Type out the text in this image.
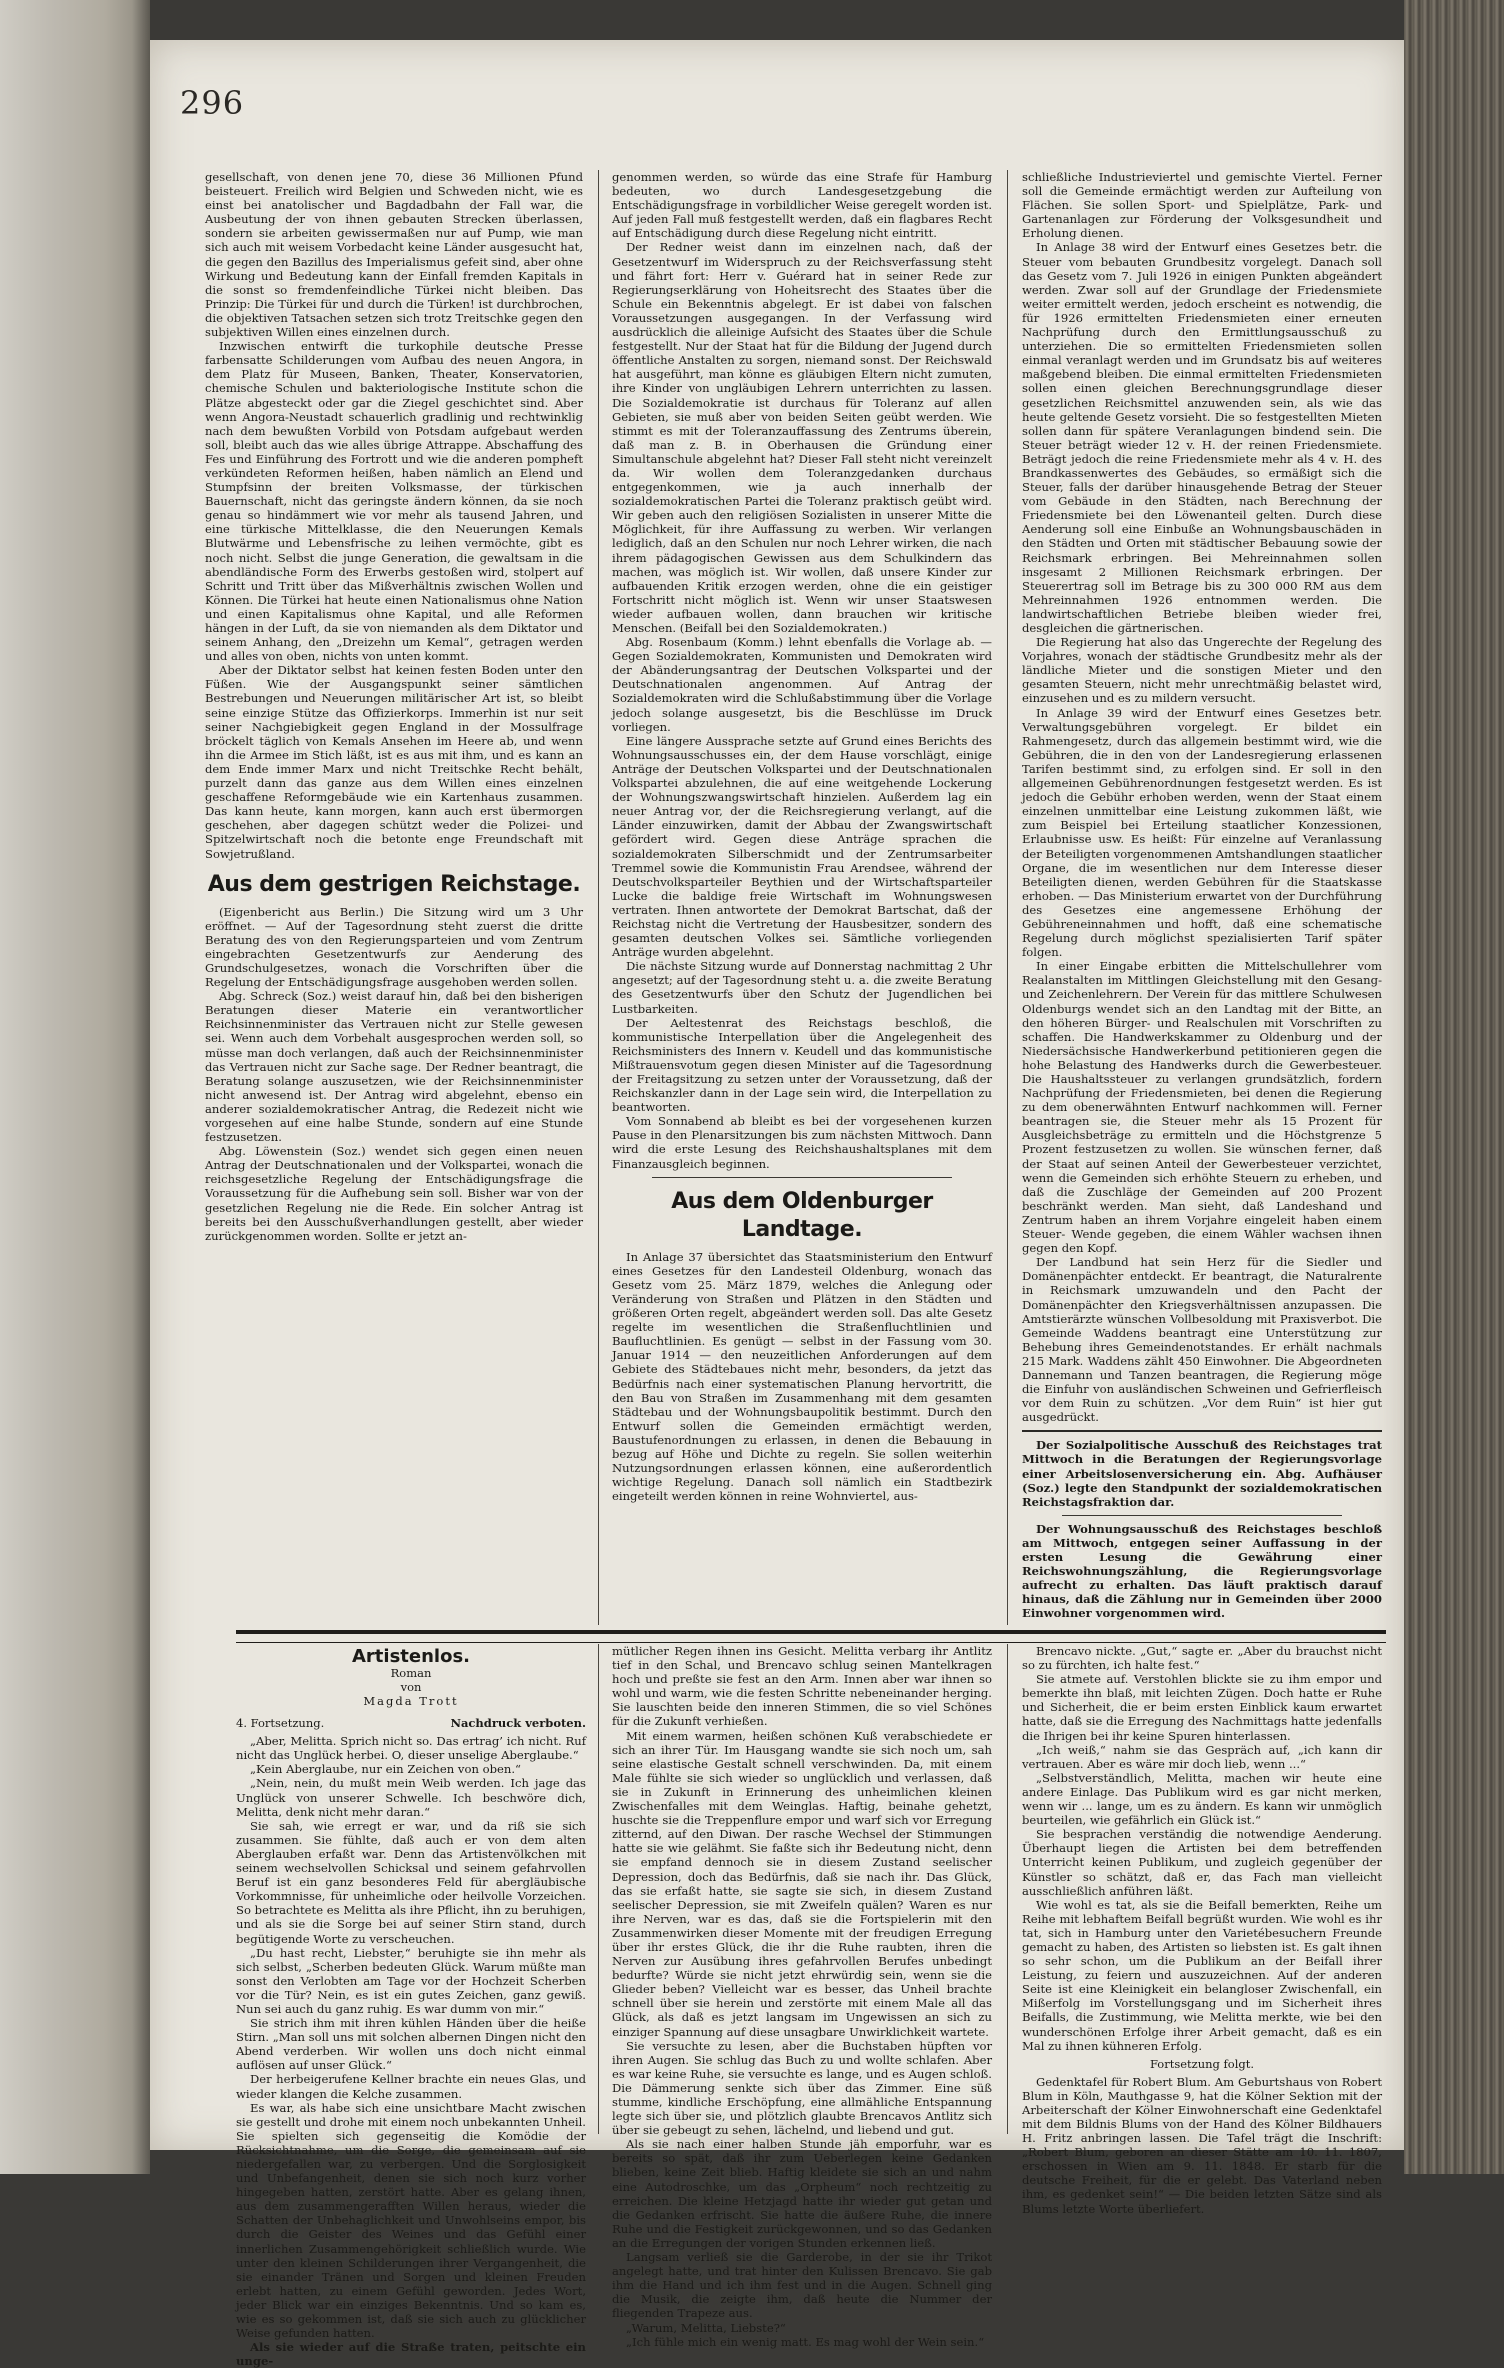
296

gesellschaft, von denen jene 70, diese 36 Millionen Pfund beisteuert. Freilich wird Belgien und Schweden nicht, wie es einst bei anatolischer und Bagdadbahn der Fall war, die Ausbeutung der von ihnen gebauten Strecken überlassen, sondern sie arbeiten gewissermaßen nur auf Pump, wie man sich auch mit weisem Vorbedacht keine Länder ausgesucht hat, die gegen den Bazillus des Imperialismus gefeit sind, aber ohne Wirkung und Bedeutung kann der Einfall fremden Kapitals in die sonst so fremdenfeindliche Türkei nicht bleiben. Das Prinzip: Die Türkei für und durch die Türken! ist durchbrochen, die objektiven Tatsachen setzen sich trotz Treitschke gegen den subjektiven Willen eines einzelnen durch.

Inzwischen entwirft die turkophile deutsche Presse farbensatte Schilderungen vom Aufbau des neuen Angora, in dem Platz für Museen, Banken, Theater, Konservatorien, chemische Schulen und bakteriologische Institute schon die Plätze abgesteckt oder gar die Ziegel geschichtet sind. Aber wenn Angora-Neustadt schauerlich gradlinig und rechtwinklig nach dem bewußten Vorbild von Potsdam aufgebaut werden soll, bleibt auch das wie alles übrige Attrappe. Abschaffung des Fes und Einführung des Fortrott und wie die anderen pompheft verkündeten Reformen heißen, haben nämlich an Elend und Stumpfsinn der breiten Volksmasse, der türkischen Bauernschaft, nicht das geringste ändern können, da sie noch genau so hindämmert wie vor mehr als tausend Jahren, und eine türkische Mittelklasse, die den Neuerungen Kemals Blutwärme und Lebensfrische zu leihen vermöchte, gibt es noch nicht. Selbst die junge Generation, die gewaltsam in die abendländische Form des Erwerbs gestoßen wird, stolpert auf Schritt und Tritt über das Mißverhältnis zwischen Wollen und Können. Die Türkei hat heute einen Nationalismus ohne Nation und einen Kapitalismus ohne Kapital, und alle Reformen hängen in der Luft, da sie von niemanden als dem Diktator und seinem Anhang, den „Dreizehn um Kemal“, getragen werden und alles von oben, nichts von unten kommt.

Aber der Diktator selbst hat keinen festen Boden unter den Füßen. Wie der Ausgangspunkt seiner sämtlichen Bestrebungen und Neuerungen militärischer Art ist, so bleibt seine einzige Stütze das Offizierkorps. Immerhin ist nur seit seiner Nachgiebigkeit gegen England in der Mossulfrage bröckelt täglich von Kemals Ansehen im Heere ab, und wenn ihn die Armee im Stich läßt, ist es aus mit ihm, und es kann an dem Ende immer Marx und nicht Treitschke Recht behält, purzelt dann das ganze aus dem Willen eines einzelnen geschaffene Reformgebäude wie ein Kartenhaus zusammen. Das kann heute, kann morgen, kann auch erst übermorgen geschehen, aber dagegen schützt weder die Polizei- und Spitzelwirtschaft noch die betonte enge Freundschaft mit Sowjetrußland.

Aus dem gestrigen Reichstage.

(Eigenbericht aus Berlin.) Die Sitzung wird um 3 Uhr eröffnet. — Auf der Tagesordnung steht zuerst die dritte Beratung des von den Regierungsparteien und vom Zentrum eingebrachten Gesetzentwurfs zur Aenderung des Grundschulgesetzes, wonach die Vorschriften über die Regelung der Entschädigungsfrage ausgehoben werden sollen.

Abg. Schreck (Soz.) weist darauf hin, daß bei den bisherigen Beratungen dieser Materie ein verantwortlicher Reichsinnenminister das Vertrauen nicht zur Stelle gewesen sei. Wenn auch dem Vorbehalt ausgesprochen werden soll, so müsse man doch verlangen, daß auch der Reichsinnenminister das Vertrauen nicht zur Sache sage. Der Redner beantragt, die Beratung solange auszusetzen, wie der Reichsinnenminister nicht anwesend ist. Der Antrag wird abgelehnt, ebenso ein anderer sozialdemokratischer Antrag, die Redezeit nicht wie vorgesehen auf eine halbe Stunde, sondern auf eine Stunde festzusetzen.

Abg. Löwenstein (Soz.) wendet sich gegen einen neuen Antrag der Deutschnationalen und der Volkspartei, wonach die reichsgesetzliche Regelung der Entschädigungsfrage die Voraussetzung für die Aufhebung sein soll. Bisher war von der gesetzlichen Regelung nie die Rede. Ein solcher Antrag ist bereits bei den Ausschußverhandlungen gestellt, aber wieder zurückgenommen worden. Sollte er jetzt an-

genommen werden, so würde das eine Strafe für Hamburg bedeuten, wo durch Landesgesetzgebung die Entschädigungsfrage in vorbildlicher Weise geregelt worden ist. Auf jeden Fall muß festgestellt werden, daß ein flagbares Recht auf Entschädigung durch diese Regelung nicht eintritt.

Der Redner weist dann im einzelnen nach, daß der Gesetzentwurf im Widerspruch zu der Reichsverfassung steht und fährt fort: Herr v. Guérard hat in seiner Rede zur Regierungserklärung von Hoheitsrecht des Staates über die Schule ein Bekenntnis abgelegt. Er ist dabei von falschen Voraussetzungen ausgegangen. In der Verfassung wird ausdrücklich die alleinige Aufsicht des Staates über die Schule festgestellt. Nur der Staat hat für die Bildung der Jugend durch öffentliche Anstalten zu sorgen, niemand sonst. Der Reichswald hat ausgeführt, man könne es gläubigen Eltern nicht zumuten, ihre Kinder von ungläubigen Lehrern unterrichten zu lassen. Die Sozialdemokratie ist durchaus für Toleranz auf allen Gebieten, sie muß aber von beiden Seiten geübt werden. Wie stimmt es mit der Toleranzauffassung des Zentrums überein, daß man z. B. in Oberhausen die Gründung einer Simultanschule abgelehnt hat? Dieser Fall steht nicht vereinzelt da. Wir wollen dem Toleranzgedanken durchaus entgegenkommen, wie ja auch innerhalb der sozialdemokratischen Partei die Toleranz praktisch geübt wird. Wir geben auch den religiösen Sozialisten in unserer Mitte die Möglichkeit, für ihre Auffassung zu werben. Wir verlangen lediglich, daß an den Schulen nur noch Lehrer wirken, die nach ihrem pädagogischen Gewissen aus dem Schulkindern das machen, was möglich ist. Wir wollen, daß unsere Kinder zur aufbauenden Kritik erzogen werden, ohne die ein geistiger Fortschritt nicht möglich ist. Wenn wir unser Staatswesen wieder aufbauen wollen, dann brauchen wir kritische Menschen. (Beifall bei den Sozialdemokraten.)

Abg. Rosenbaum (Komm.) lehnt ebenfalls die Vorlage ab. — Gegen Sozialdemokraten, Kommunisten und Demokraten wird der Abänderungsantrag der Deutschen Volkspartei und der Deutschnationalen angenommen. Auf Antrag der Sozialdemokraten wird die Schlußabstimmung über die Vorlage jedoch solange ausgesetzt, bis die Beschlüsse im Druck vorliegen.

Eine längere Aussprache setzte auf Grund eines Berichts des Wohnungsausschusses ein, der dem Hause vorschlägt, einige Anträge der Deutschen Volkspartei und der Deutschnationalen Volkspartei abzulehnen, die auf eine weitgehende Lockerung der Wohnungszwangswirtschaft hinzielen. Außerdem lag ein neuer Antrag vor, der die Reichsregierung verlangt, auf die Länder einzuwirken, damit der Abbau der Zwangswirtschaft gefördert wird. Gegen diese Anträge sprachen die sozialdemokraten Silberschmidt und der Zentrumsarbeiter Tremmel sowie die Kommunistin Frau Arendsee, während der Deutschvolksparteiler Beythien und der Wirtschaftsparteiler Lucke die baldige freie Wirtschaft im Wohnungswesen vertraten. Ihnen antwortete der Demokrat Bartschat, daß der Reichstag nicht die Vertretung der Hausbesitzer, sondern des gesamten deutschen Volkes sei. Sämtliche vorliegenden Anträge wurden abgelehnt.

Die nächste Sitzung wurde auf Donnerstag nachmittag 2 Uhr angesetzt; auf der Tagesordnung steht u. a. die zweite Beratung des Gesetzentwurfs über den Schutz der Jugendlichen bei Lustbarkeiten.

Der Aeltestenrat des Reichstags beschloß, die kommunistische Interpellation über die Angelegenheit des Reichsministers des Innern v. Keudell und das kommunistische Mißtrauensvotum gegen diesen Minister auf die Tagesordnung der Freitagsitzung zu setzen unter der Voraussetzung, daß der Reichskanzler dann in der Lage sein wird, die Interpellation zu beantworten.

Vom Sonnabend ab bleibt es bei der vorgesehenen kurzen Pause in den Plenarsitzungen bis zum nächsten Mittwoch. Dann wird die erste Lesung des Reichshaushaltsplanes mit dem Finanzausgleich beginnen.

Aus dem Oldenburger Landtage.

In Anlage 37 übersichtet das Staatsministerium den Entwurf eines Gesetzes für den Landesteil Oldenburg, wonach das Gesetz vom 25. März 1879, welches die Anlegung oder Veränderung von Straßen und Plätzen in den Städten und größeren Orten regelt, abgeändert werden soll. Das alte Gesetz regelte im wesentlichen die Straßenfluchtlinien und Baufluchtlinien. Es genügt — selbst in der Fassung vom 30. Januar 1914 — den neuzeitlichen Anforderungen auf dem Gebiete des Städtebaues nicht mehr, besonders, da jetzt das Bedürfnis nach einer systematischen Planung hervortritt, die den Bau von Straßen im Zusammenhang mit dem gesamten Städtebau und der Wohnungsbaupolitik bestimmt. Durch den Entwurf sollen die Gemeinden ermächtigt werden, Baustufenordnungen zu erlassen, in denen die Bebauung in bezug auf Höhe und Dichte zu regeln. Sie sollen weiterhin Nutzungsordnungen erlassen können, eine außerordentlich wichtige Regelung. Danach soll nämlich ein Stadtbezirk eingeteilt werden können in reine Wohnviertel, aus-

schließliche Industrieviertel und gemischte Viertel. Ferner soll die Gemeinde ermächtigt werden zur Aufteilung von Flächen. Sie sollen Sport- und Spielplätze, Park- und Gartenanlagen zur Förderung der Volksgesundheit und Erholung dienen.

In Anlage 38 wird der Entwurf eines Gesetzes betr. die Steuer vom bebauten Grundbesitz vorgelegt. Danach soll das Gesetz vom 7. Juli 1926 in einigen Punkten abgeändert werden. Zwar soll auf der Grundlage der Friedensmiete weiter ermittelt werden, jedoch erscheint es notwendig, die für 1926 ermittelten Friedensmieten einer erneuten Nachprüfung durch den Ermittlungsausschuß zu unterziehen. Die so ermittelten Friedensmieten sollen einmal veranlagt werden und im Grundsatz bis auf weiteres maßgebend bleiben. Die einmal ermittelten Friedensmieten sollen einen gleichen Berechnungsgrundlage dieser gesetzlichen Reichsmittel anzuwenden sein, als wie das heute geltende Gesetz vorsieht. Die so festgestellten Mieten sollen dann für spätere Veranlagungen bindend sein. Die Steuer beträgt wieder 12 v. H. der reinen Friedensmiete. Beträgt jedoch die reine Friedensmiete mehr als 4 v. H. des Brandkassenwertes des Gebäudes, so ermäßigt sich die Steuer, falls der darüber hinausgehende Betrag der Steuer vom Gebäude in den Städten, nach Berechnung der Friedensmiete bei den Löwenanteil gelten. Durch diese Aenderung soll eine Einbuße an Wohnungsbauschäden in den Städten und Orten mit städtischer Bebauung sowie der Reichsmark erbringen. Bei Mehreinnahmen sollen insgesamt 2 Millionen Reichsmark erbringen. Der Steuerertrag soll im Betrage bis zu 300 000 RM aus dem Mehreinnahmen 1926 entnommen werden. Die landwirtschaftlichen Betriebe bleiben wieder frei, desgleichen die gärtnerischen.

Die Regierung hat also das Ungerechte der Regelung des Vorjahres, wonach der städtische Grundbesitz mehr als der ländliche Mieter und die sonstigen Mieter und den gesamten Steuern, nicht mehr unrechtmäßig belastet wird, einzusehen und es zu mildern versucht.

In Anlage 39 wird der Entwurf eines Gesetzes betr. Verwaltungsgebühren vorgelegt. Er bildet ein Rahmengesetz, durch das allgemein bestimmt wird, wie die Gebühren, die in den von der Landesregierung erlassenen Tarifen bestimmt sind, zu erfolgen sind. Er soll in den allgemeinen Gebührenordnungen festgesetzt werden. Es ist jedoch die Gebühr erhoben werden, wenn der Staat einem einzelnen unmittelbar eine Leistung zukommen läßt, wie zum Beispiel bei Erteilung staatlicher Konzessionen, Erlaubnisse usw. Es heißt: Für einzelne auf Veranlassung der Beteiligten vorgenommenen Amtshandlungen staatlicher Organe, die im wesentlichen nur dem Interesse dieser Beteiligten dienen, werden Gebühren für die Staatskasse erhoben. — Das Ministerium erwartet von der Durchführung des Gesetzes eine angemessene Erhöhung der Gebühreneinnahmen und hofft, daß eine schematische Regelung durch möglichst spezialisierten Tarif später folgen.

In einer Eingabe erbitten die Mittelschullehrer vom Realanstalten im Mittlingen Gleichstellung mit den Gesang- und Zeichenlehrern. Der Verein für das mittlere Schulwesen Oldenburgs wendet sich an den Landtag mit der Bitte, an den höheren Bürger- und Realschulen mit Vorschriften zu schaffen. Die Handwerkskammer zu Oldenburg und der Niedersächsische Handwerkerbund petitionieren gegen die hohe Belastung des Handwerks durch die Gewerbesteuer. Die Haushaltssteuer zu verlangen grundsätzlich, fordern Nachprüfung der Friedensmieten, bei denen die Regierung zu dem obenerwähnten Entwurf nachkommen will. Ferner beantragen sie, die Steuer mehr als 15 Prozent für Ausgleichsbeträge zu ermitteln und die Höchstgrenze 5 Prozent festzusetzen zu wollen. Sie wünschen ferner, daß der Staat auf seinen Anteil der Gewerbesteuer verzichtet, wenn die Gemeinden sich erhöhte Steuern zu erheben, und daß die Zuschläge der Gemeinden auf 200 Prozent beschränkt werden. Man sieht, daß Landeshand und Zentrum haben an ihrem Vorjahre eingeleit haben einem Steuer- Wende gegeben, die einem Wähler wachsen ihnen gegen den Kopf.

Der Landbund hat sein Herz für die Siedler und Domänenpächter entdeckt. Er beantragt, die Naturalrente in Reichsmark umzuwandeln und den Pacht der Domänenpächter den Kriegsverhältnissen anzupassen. Die Amtstierärzte wünschen Vollbesoldung mit Praxisverbot. Die Gemeinde Waddens beantragt eine Unterstützung zur Behebung ihres Gemeindenotstandes. Er erhält nachmals 215 Mark. Waddens zählt 450 Einwohner. Die Abgeordneten Dannemann und Tanzen beantragen, die Regierung möge die Einfuhr von ausländischen Schweinen und Gefrierfleisch vor dem Ruin zu schützen. „Vor dem Ruin“ ist hier gut ausgedrückt.

Der Sozialpolitische Ausschuß des Reichstages trat Mittwoch in die Beratungen der Regierungsvorlage einer Arbeitslosenversicherung ein. Abg. Aufhäuser (Soz.) legte den Standpunkt der sozialdemokratischen Reichstagsfraktion dar.

Der Wohnungsausschuß des Reichstages beschloß am Mittwoch, entgegen seiner Auffassung in der ersten Lesung die Gewährung einer Reichswohnungszählung, die Regierungsvorlage aufrecht zu erhalten. Das läuft praktisch darauf hinaus, daß die Zählung nur in Gemeinden über 2000 Einwohner vorgenommen wird.

Artistenlos.
Roman
von
Magda Trott
4. Fortsetzung.	Nachdruck verboten.

„Aber, Melitta. Sprich nicht so. Das ertrag’ ich nicht. Ruf nicht das Unglück herbei. O, dieser unselige Aberglaube.“

„Kein Aberglaube, nur ein Zeichen von oben.“

„Nein, nein, du mußt mein Weib werden. Ich jage das Unglück von unserer Schwelle. Ich beschwöre dich, Melitta, denk nicht mehr daran.“

Sie sah, wie erregt er war, und da riß sie sich zusammen. Sie fühlte, daß auch er von dem alten Aberglauben erfaßt war. Denn das Artistenvölkchen mit seinem wechselvollen Schicksal und seinem gefahrvollen Beruf ist ein ganz besonderes Feld für abergläubische Vorkommnisse, für unheimliche oder heilvolle Vorzeichen. So betrachtete es Melitta als ihre Pflicht, ihn zu beruhigen, und als sie die Sorge bei auf seiner Stirn stand, durch begütigende Worte zu verscheuchen.

„Du hast recht, Liebster,“ beruhigte sie ihn mehr als sich selbst, „Scherben bedeuten Glück. Warum müßte man sonst den Verlobten am Tage vor der Hochzeit Scherben vor die Tür? Nein, es ist ein gutes Zeichen, ganz gewiß. Nun sei auch du ganz ruhig. Es war dumm von mir.“

Sie strich ihm mit ihren kühlen Händen über die heiße Stirn. „Man soll uns mit solchen albernen Dingen nicht den Abend verderben. Wir wollen uns doch nicht einmal auflösen auf unser Glück.“

Der herbeigerufene Kellner brachte ein neues Glas, und wieder klangen die Kelche zusammen.

Es war, als habe sich eine unsichtbare Macht zwischen sie gestellt und drohe mit einem noch unbekannten Unheil. Sie spielten sich gegenseitig die Komödie der Rücksichtnahme, um die Sorge, die gemeinsam auf sie niedergefallen war, zu verbergen. Und die Sorglosigkeit und Unbefangenheit, denen sie sich noch kurz vorher hingegeben hatten, zerstört hatte. Aber es gelang ihnen, aus dem zusammengerafften Willen heraus, wieder die Schatten der Unbehaglichkeit und Unwohlseins empor, bis durch die Geister des Weines und das Gefühl einer innerlichen Zusammengehörigkeit schließlich wurde. Wie unter den kleinen Schilderungen ihrer Vergangenheit, die sie einander Tränen und Sorgen und kleinen Freuden erlebt hatten, zu einem Gefühl geworden. Jedes Wort, jeder Blick war ein einziges Bekenntnis. Und so kam es, wie es so gekommen ist, daß sie sich auch zu glücklicher Weise gefunden hatten.

Als sie wieder auf die Straße traten, peitschte ein unge-

mütlicher Regen ihnen ins Gesicht. Melitta verbarg ihr Antlitz tief in den Schal, und Brencavo schlug seinen Mantelkragen hoch und preßte sie fest an den Arm. Innen aber war ihnen so wohl und warm, wie die festen Schritte nebeneinander herging. Sie lauschten beide den inneren Stimmen, die so viel Schönes für die Zukunft verhießen.

Mit einem warmen, heißen schönen Kuß verabschiedete er sich an ihrer Tür. Im Hausgang wandte sie sich noch um, sah seine elastische Gestalt schnell verschwinden. Da, mit einem Male fühlte sie sich wieder so unglücklich und verlassen, daß sie in Zukunft in Erinnerung des unheimlichen kleinen Zwischenfalles mit dem Weinglas. Haftig, beinahe gehetzt, huschte sie die Treppenflure empor und warf sich vor Erregung zitternd, auf den Diwan. Der rasche Wechsel der Stimmungen hatte sie wie gelähmt. Sie faßte sich ihr Bedeutung nicht, denn sie empfand dennoch sie in diesem Zustand seelischer Depression, doch das Bedürfnis, daß sie nach ihr. Das Glück, das sie erfaßt hatte, sie sagte sie sich, in diesem Zustand seelischer Depression, sie mit Zweifeln quälen? Waren es nur ihre Nerven, war es das, daß sie die Fortspielerin mit den Zusammenwirken dieser Momente mit der freudigen Erregung über ihr erstes Glück, die ihr die Ruhe raubten, ihren die Nerven zur Ausübung ihres gefahrvollen Berufes unbedingt bedurfte? Würde sie nicht jetzt ehrwürdig sein, wenn sie die Glieder beben? Vielleicht war es besser, das Unheil brachte schnell über sie herein und zerstörte mit einem Male all das Glück, als daß es jetzt langsam im Ungewissen an sich zu einziger Spannung auf diese unsagbare Unwirklichkeit wartete.

Sie versuchte zu lesen, aber die Buchstaben hüpften vor ihren Augen. Sie schlug das Buch zu und wollte schlafen. Aber es war keine Ruhe, sie versuchte es lange, und es Augen schloß. Die Dämmerung senkte sich über das Zimmer. Eine süß stumme, kindliche Erschöpfung, eine allmähliche Entspannung legte sich über sie, und plötzlich glaubte Brencavos Antlitz sich über sie gebeugt zu sehen, lächelnd, und liebend und gut.

Als sie nach einer halben Stunde jäh emporfuhr, war es bereits so spät, daß ihr zum Ueberlegen keine Gedanken blieben, keine Zeit blieb. Haftig kleidete sie sich an und nahm eine Autodroschke, um das „Orpheum“ noch rechtzeitig zu erreichen. Die kleine Hetzjagd hatte ihr wieder gut getan und die Gedanken erfrischt. Sie hatte die äußere Ruhe, die innere Ruhe und die Festigkeit zurückgewonnen, und so das Gedanken an die Erregungen der vorigen Stunden erkennen ließ.

Langsam verließ sie die Garderobe, in der sie ihr Trikot angelegt hatte, und trat hinter den Kulissen Brencavo. Sie gab ihm die Hand und ich ihm fest und in die Augen. Schnell ging die Musik, die zeigte ihm, daß heute die Nummer der fliegenden Trapeze aus.

„Warum, Melitta, Liebste?“

„Ich fühle mich ein wenig matt. Es mag wohl der Wein sein.“

Brencavo nickte. „Gut,“ sagte er. „Aber du brauchst nicht so zu fürchten, ich halte fest.“

Sie atmete auf. Verstohlen blickte sie zu ihm empor und bemerkte ihn blaß, mit leichten Zügen. Doch hatte er Ruhe und Sicherheit, die er beim ersten Einblick kaum erwartet hatte, daß sie die Erregung des Nachmittags hatte jedenfalls die Ihrigen bei ihr keine Spuren hinterlassen.

„Ich weiß,“ nahm sie das Gespräch auf, „ich kann dir vertrauen. Aber es wäre mir doch lieb, wenn ...“

„Selbstverständlich, Melitta, machen wir heute eine andere Einlage. Das Publikum wird es gar nicht merken, wenn wir ... lange, um es zu ändern. Es kann wir unmöglich beurteilen, wie gefährlich ein Glück ist.“

Sie besprachen verständig die notwendige Aenderung. Überhaupt liegen die Artisten bei dem betreffenden Unterricht keinen Publikum, und zugleich gegenüber der Künstler so schätzt, daß er, das Fach man vielleicht ausschließlich anführen läßt.

Wie wohl es tat, als sie die Beifall bemerkten, Reihe um Reihe mit lebhaftem Beifall begrüßt wurden. Wie wohl es ihr tat, sich in Hamburg unter den Varietébesuchern Freunde gemacht zu haben, des Artisten so liebsten ist. Es galt ihnen so sehr schon, um die Publikum an der Beifall ihrer Leistung, zu feiern und auszuzeichnen. Auf der anderen Seite ist eine Kleinigkeit ein belangloser Zwischenfall, ein Mißerfolg im Vorstellungsgang und im Sicherheit ihres Beifalls, die Zustimmung, wie Melitta merkte, wie bei den wunderschönen Erfolge ihrer Arbeit gemacht, daß es ein Mal zu ihnen kühneren Erfolg.

Fortsetzung folgt.

Gedenktafel für Robert Blum. Am Geburtshaus von Robert Blum in Köln, Mauthgasse 9, hat die Kölner Sektion mit der Arbeiterschaft der Kölner Einwohnerschaft eine Gedenktafel mit dem Bildnis Blums von der Hand des Kölner Bildhauers H. Fritz anbringen lassen. Die Tafel trägt die Inschrift: „Robert Blum, geboren an dieser Stätte am 10. 11. 1807, erschossen in Wien am 9. 11. 1848. Er starb für die deutsche Freiheit, für die er gelebt. Das Vaterland neben ihm, es gedenket sein!“ — Die beiden letzten Sätze sind als Blums letzte Worte überliefert.
